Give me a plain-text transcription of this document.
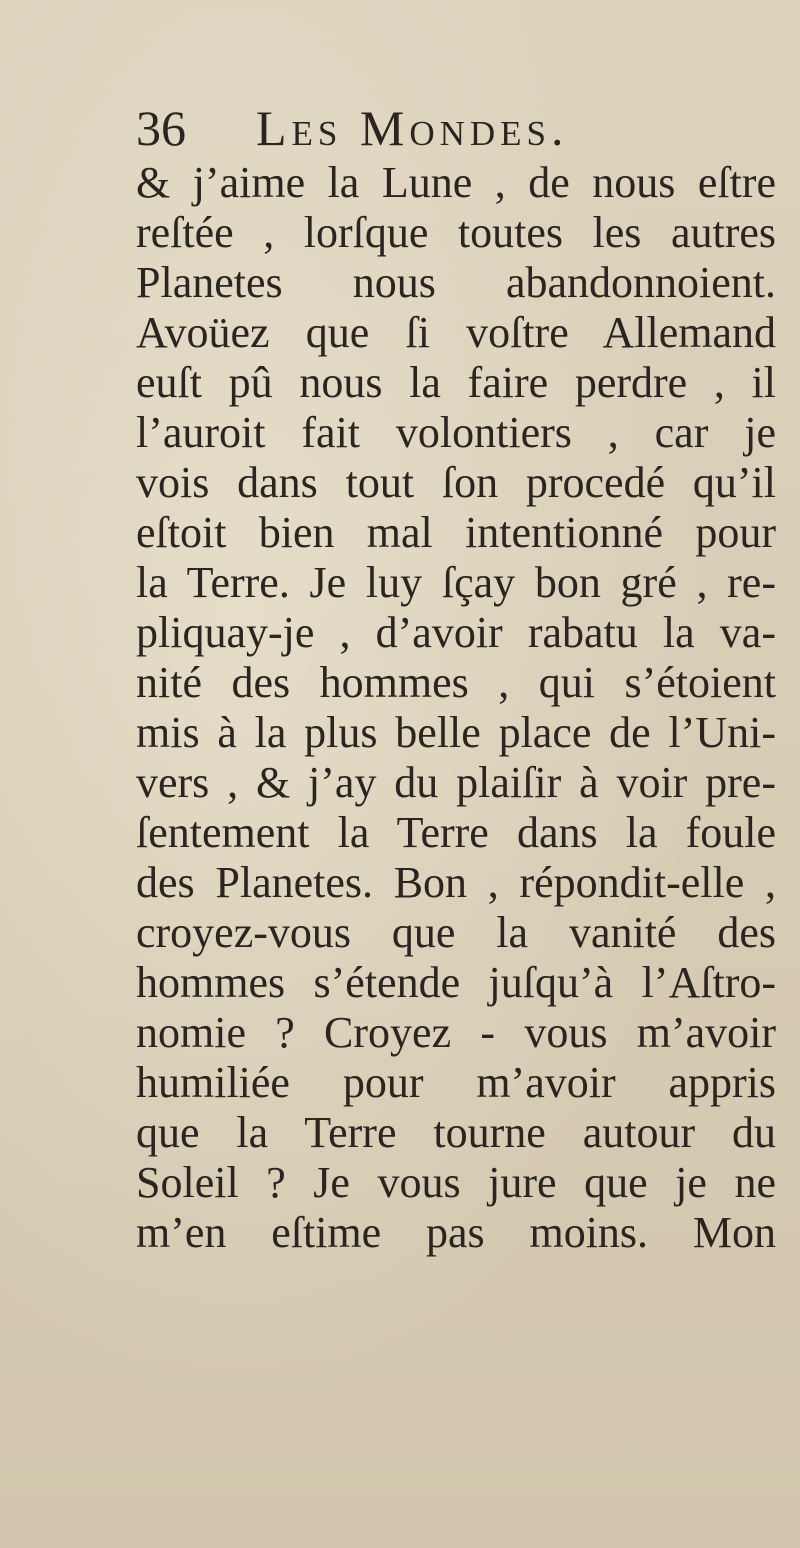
36 Les Mondes.
& j’aime la Lune , de nous eſtre
reſtée , lorſque toutes les autres
Planetes nous abandonnoient.
Avoüez que ſi voſtre Allemand
euſt pû nous la faire perdre , il
l’auroit fait volontiers , car je
vois dans tout ſon procedé qu’il
eſtoit bien mal intentionné pour
la Terre. Je luy ſçay bon gré , re-
pliquay-je , d’avoir rabatu la va-
nité des hommes , qui s’étoient
mis à la plus belle place de l’Uni-
vers , & j’ay du plaiſir à voir pre-
ſentement la Terre dans la foule
des Planetes. Bon , répondit-elle ,
croyez-vous que la vanité des
hommes s’étende juſqu’à l’Aſtro-
nomie ? Croyez - vous m’avoir
humiliée pour m’avoir appris
que la Terre tourne autour du
Soleil ? Je vous jure que je ne
m’en eſtime pas moins. Mon
